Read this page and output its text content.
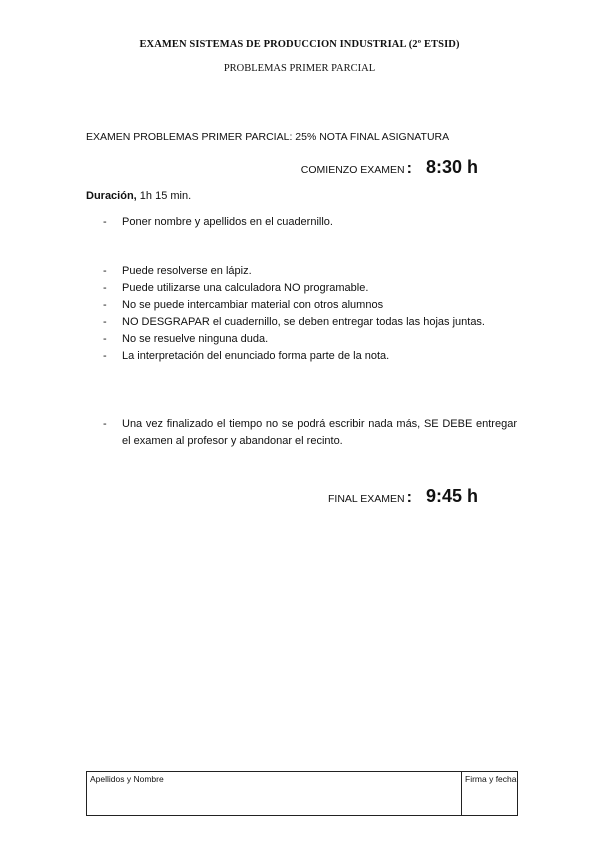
EXAMEN SISTEMAS DE PRODUCCION INDUSTRIAL (2º ETSID)
PROBLEMAS PRIMER PARCIAL
EXAMEN PROBLEMAS PRIMER PARCIAL: 25% NOTA FINAL ASIGNATURA
COMIENZO EXAMEN : 8:30 h
Duración, 1h 15 min.
- Poner nombre y apellidos en el cuadernillo.
- Puede resolverse en lápiz.
- Puede utilizarse una calculadora NO programable.
- No se puede intercambiar material con otros alumnos
- NO DESGRAPAR el cuadernillo, se deben entregar todas las hojas juntas.
- No se resuelve ninguna duda.
- La interpretación del enunciado forma parte de la nota.
- Una vez finalizado el tiempo no se podrá escribir nada más, SE DEBE entregar el examen al profesor y abandonar el recinto.
FINAL EXAMEN : 9:45 h
Apellidos y Nombre	Firma y fecha
